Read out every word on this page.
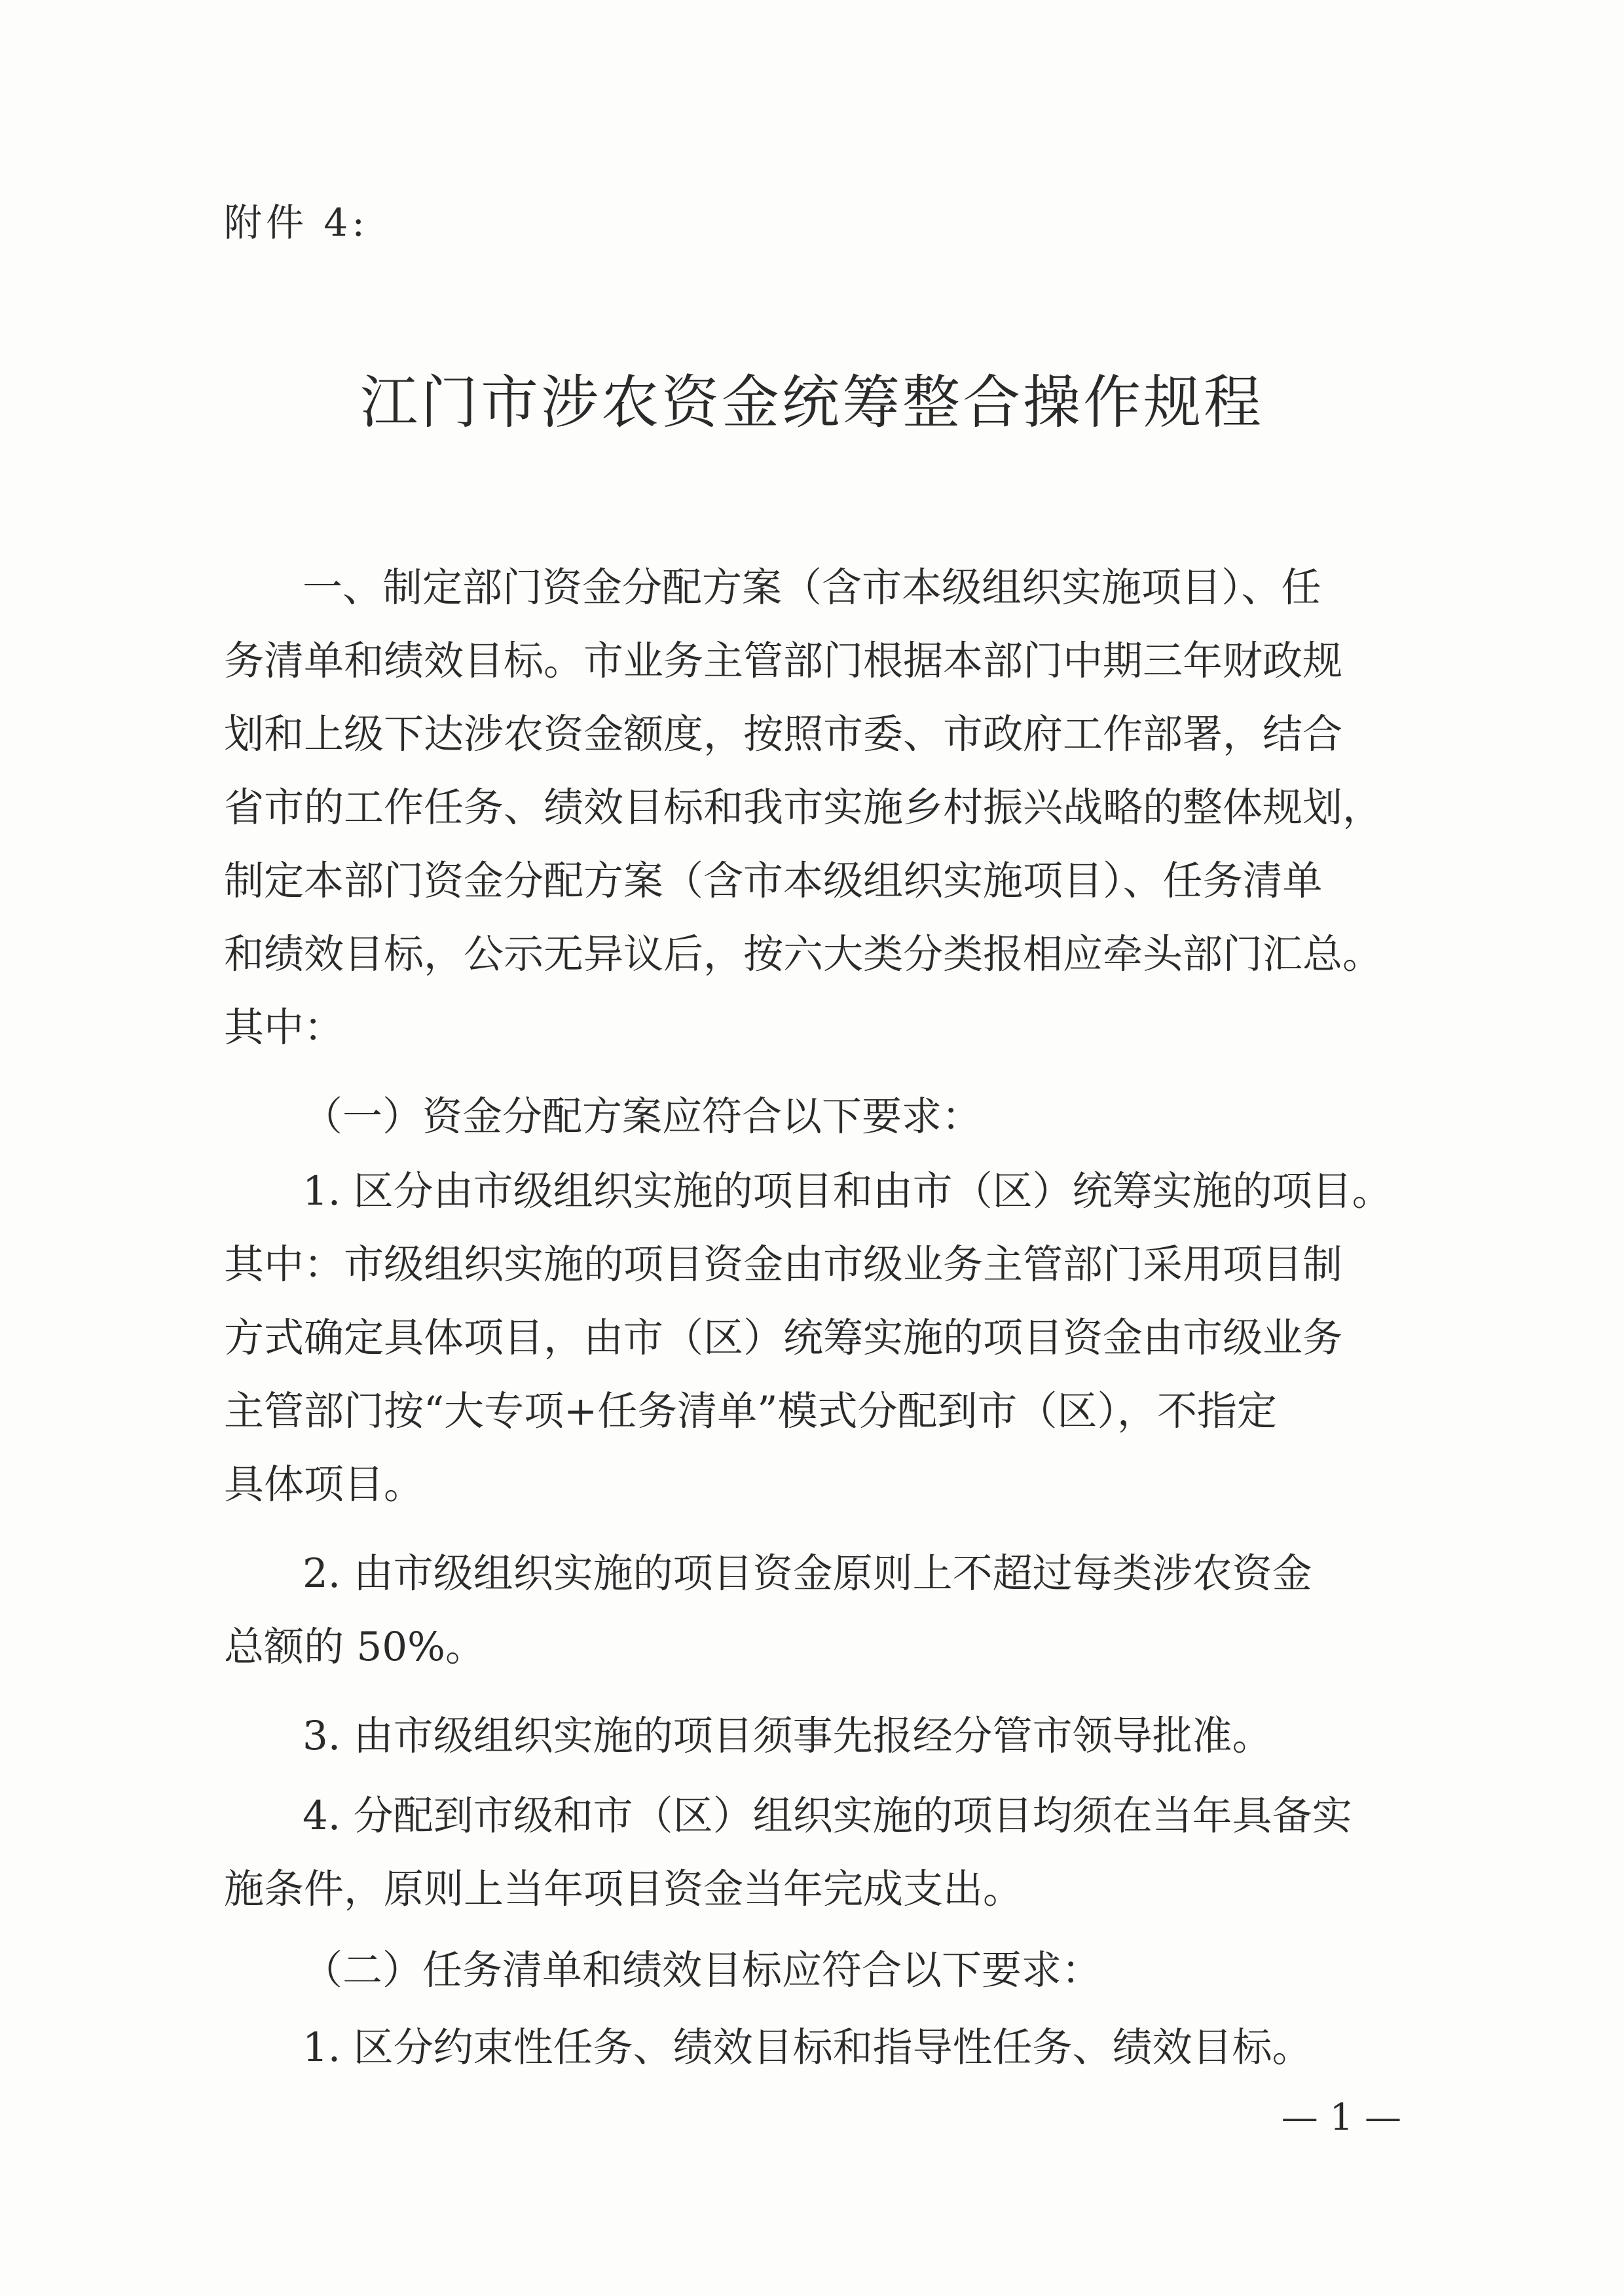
附件 4:
江门市涉农资金统筹整合操作规程
一、制定部门资金分配方案（含市本级组织实施项目）、任
务清单和绩效目标。市业务主管部门根据本部门中期三年财政规
划和上级下达涉农资金额度，按照市委、市政府工作部署，结合
省市的工作任务、绩效目标和我市实施乡村振兴战略的整体规划，
制定本部门资金分配方案（含市本级组织实施项目）、任务清单
和绩效目标，公示无异议后，按六大类分类报相应牵头部门汇总。
其中：
（一）资金分配方案应符合以下要求：
1. 区分由市级组织实施的项目和由市（区）统筹实施的项目。
其中：市级组织实施的项目资金由市级业务主管部门采用项目制
方式确定具体项目，由市（区）统筹实施的项目资金由市级业务
主管部门按“大专项+任务清单”模式分配到市（区），不指定
具体项目。
2. 由市级组织实施的项目资金原则上不超过每类涉农资金
总额的 50%。
3. 由市级组织实施的项目须事先报经分管市领导批准。
4. 分配到市级和市（区）组织实施的项目均须在当年具备实
施条件，原则上当年项目资金当年完成支出。
（二）任务清单和绩效目标应符合以下要求：
1. 区分约束性任务、绩效目标和指导性任务、绩效目标。
— 1 —
